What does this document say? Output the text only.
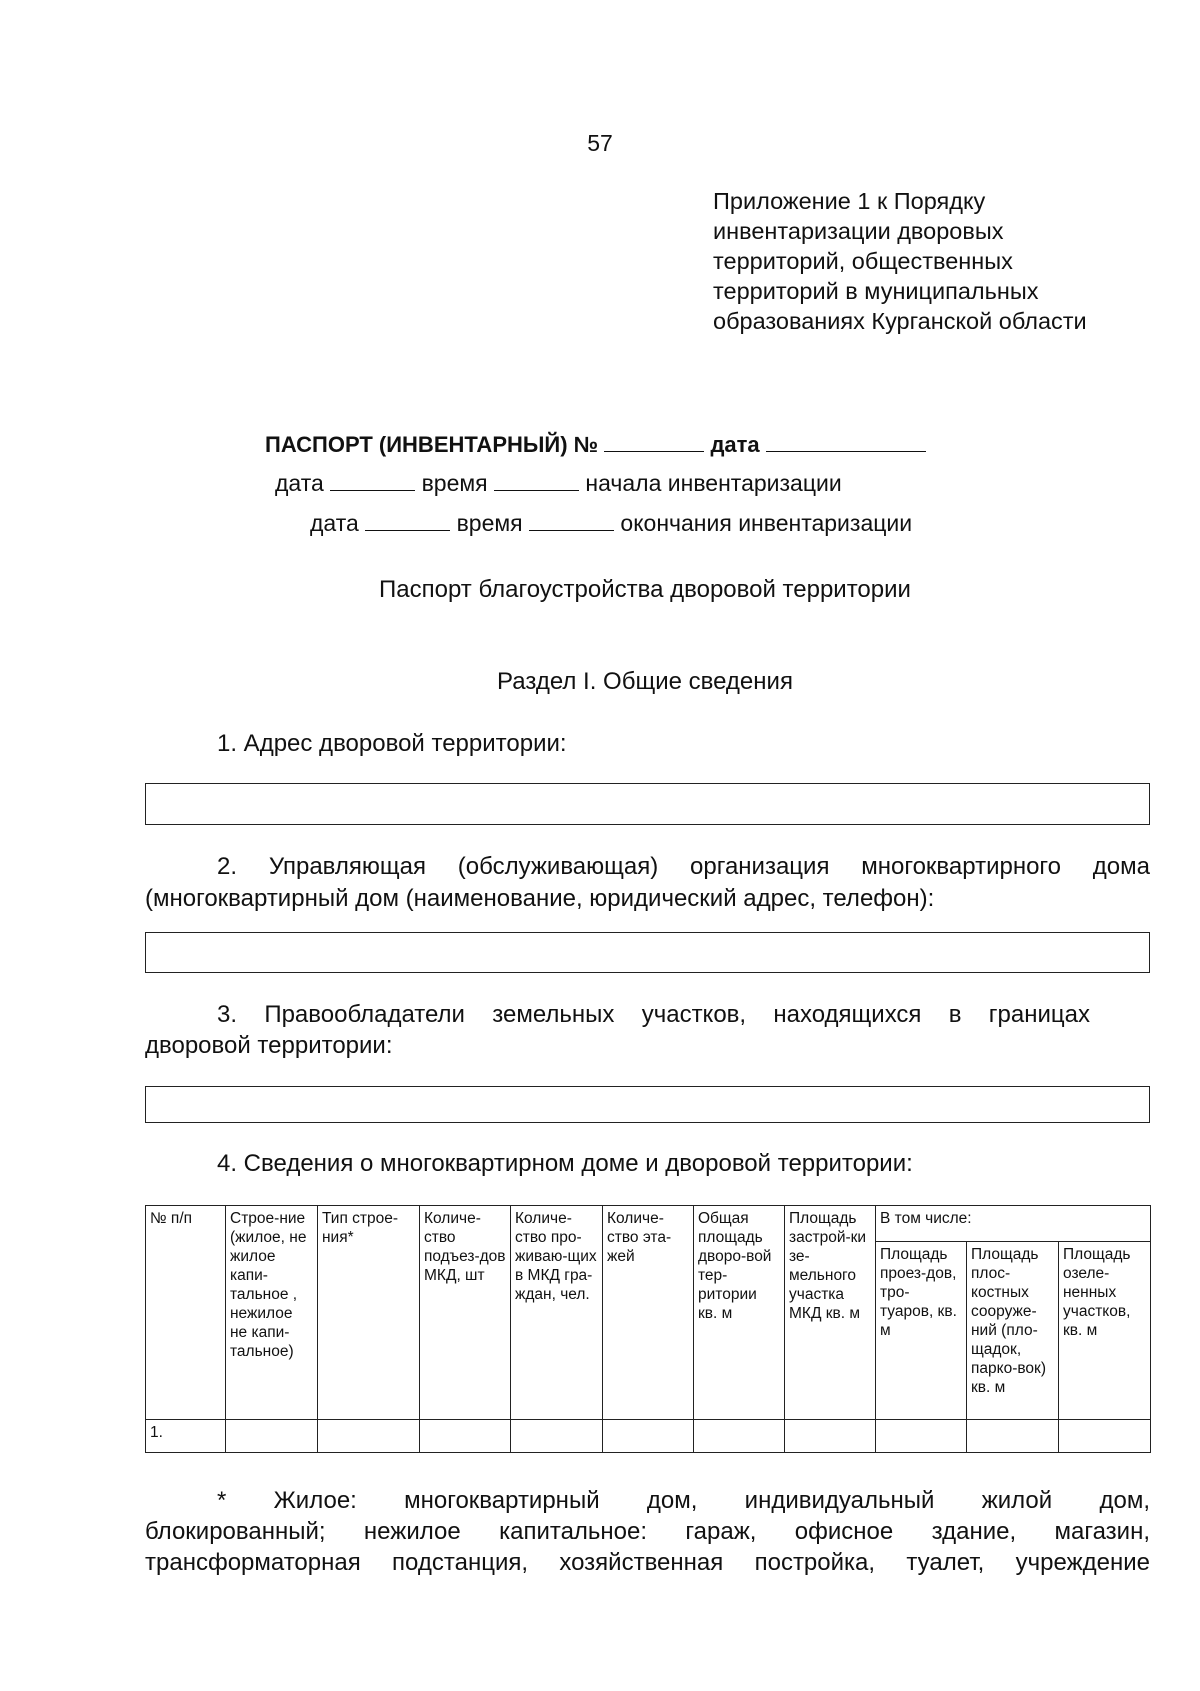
57
Приложение 1 к Порядку
инвентаризации дворовых
территорий, общественных
территорий в муниципальных
образованиях Курганской области
ПАСПОРТ (ИНВЕНТАРНЫЙ) №	дата
дата	время	начала инвентаризации
дата	время	окончания инвентаризации
Паспорт благоустройства дворовой территории
Раздел I. Общие сведения
1. Адрес дворовой территории:
2. Управляющая (обслуживающая) организация многоквартирного дома
(многоквартирный дом (наименование, юридический адрес, телефон):
3. Правообладатели земельных участков, находящихся в границах
дворовой территории:
4. Сведения о многоквартирном доме и дворовой территории:
№ п/п	Строе-ние (жилое, не жилое капи-тальное , нежилое не капи-тальное)	Тип строе-ния*	Количе-ство подъез-дов МКД, шт	Количе-ство про-живаю-щих в МКД гра-ждан, чел.	Количе-ство эта-жей	Общая площадь дворо-вой тер-ритории кв. м	Площадь застрой-ки зе-мельного участка МКД кв. м	В том числе:		
								Площадь проез-дов, тро-туаров, кв. м	Площадь плос-костных сооруже-ний (пло-щадок, парко-вок) кв. м	Площадь озеле-ненных участков, кв. м
1.										
* Жилое: многоквартирный дом, индивидуальный жилой дом,
блокированный; нежилое капитальное: гараж, офисное здание, магазин,
трансформаторная подстанция, хозяйственная постройка, туалет, учреждение
